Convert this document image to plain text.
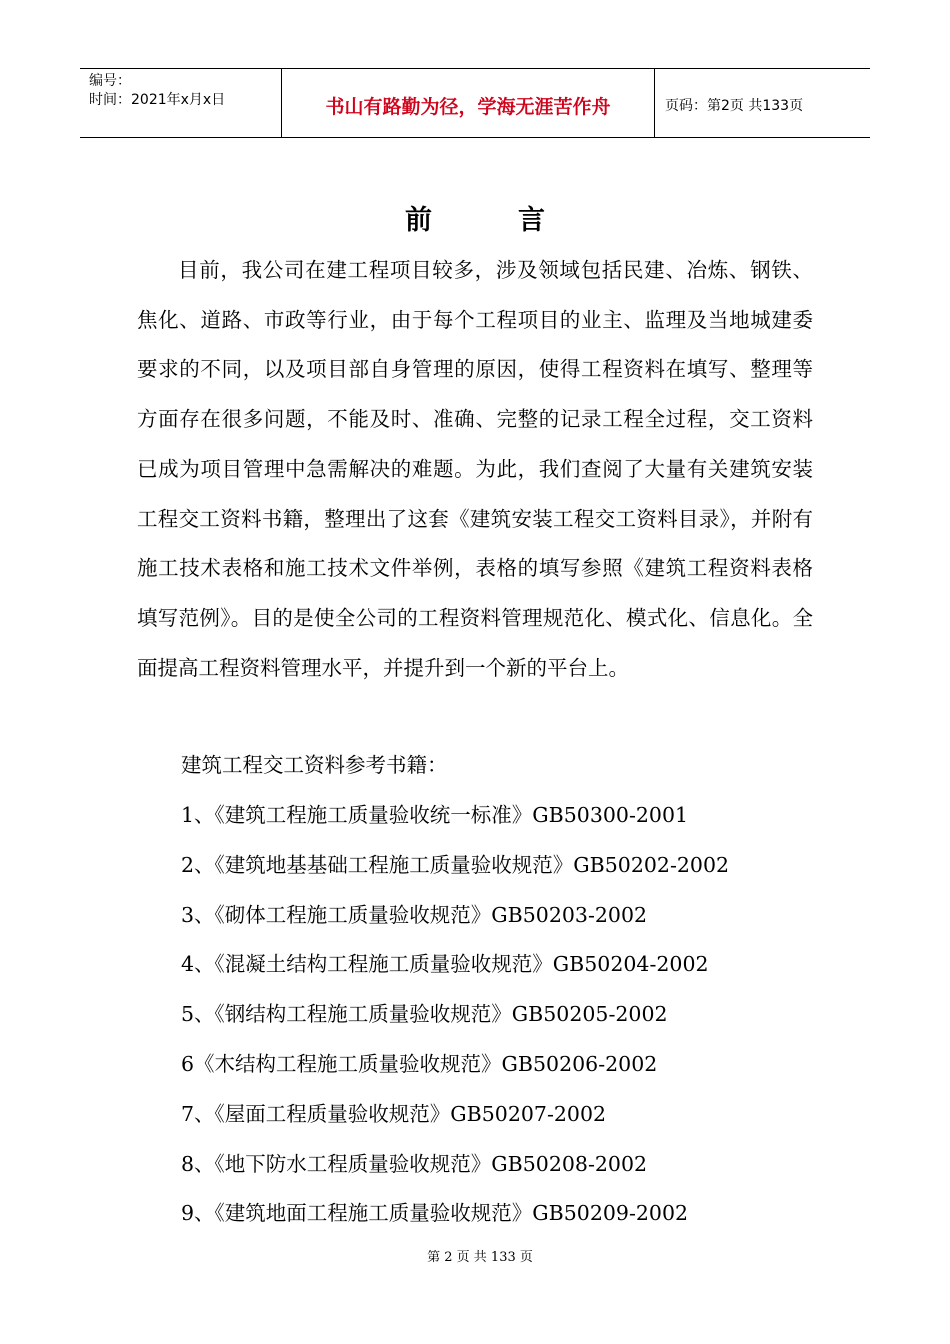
编号：
时间：2021年x月x日	书山有路勤为径，学海无涯苦作舟	页码：第2页 共133页
前	言

目前，我公司在建工程项目较多，涉及领域包括民建、冶炼、钢铁、焦化、道路、市政等行业，由于每个工程项目的业主、监理及当地城建委要求的不同，以及项目部自身管理的原因，使得工程资料在填写、整理等方面存在很多问题，不能及时、准确、完整的记录工程全过程，交工资料已成为项目管理中急需解决的难题。为此，我们查阅了大量有关建筑安装工程交工资料书籍，整理出了这套《建筑安装工程交工资料目录》，并附有施工技术表格和施工技术文件举例，表格的填写参照《建筑工程资料表格填写范例》。目的是使全公司的工程资料管理规范化、模式化、信息化。全面提高工程资料管理水平，并提升到一个新的平台上。

建筑工程交工资料参考书籍：
1、《建筑工程施工质量验收统一标准》GB50300-2001
2、《建筑地基基础工程施工质量验收规范》GB50202-2002
3、《砌体工程施工质量验收规范》GB50203-2002
4、《混凝土结构工程施工质量验收规范》GB50204-2002
5、《钢结构工程施工质量验收规范》GB50205-2002
6《木结构工程施工质量验收规范》GB50206-2002
7、《屋面工程质量验收规范》GB50207-2002
8、《地下防水工程质量验收规范》GB50208-2002
9、《建筑地面工程施工质量验收规范》GB50209-2002
第 2 页 共 133 页
